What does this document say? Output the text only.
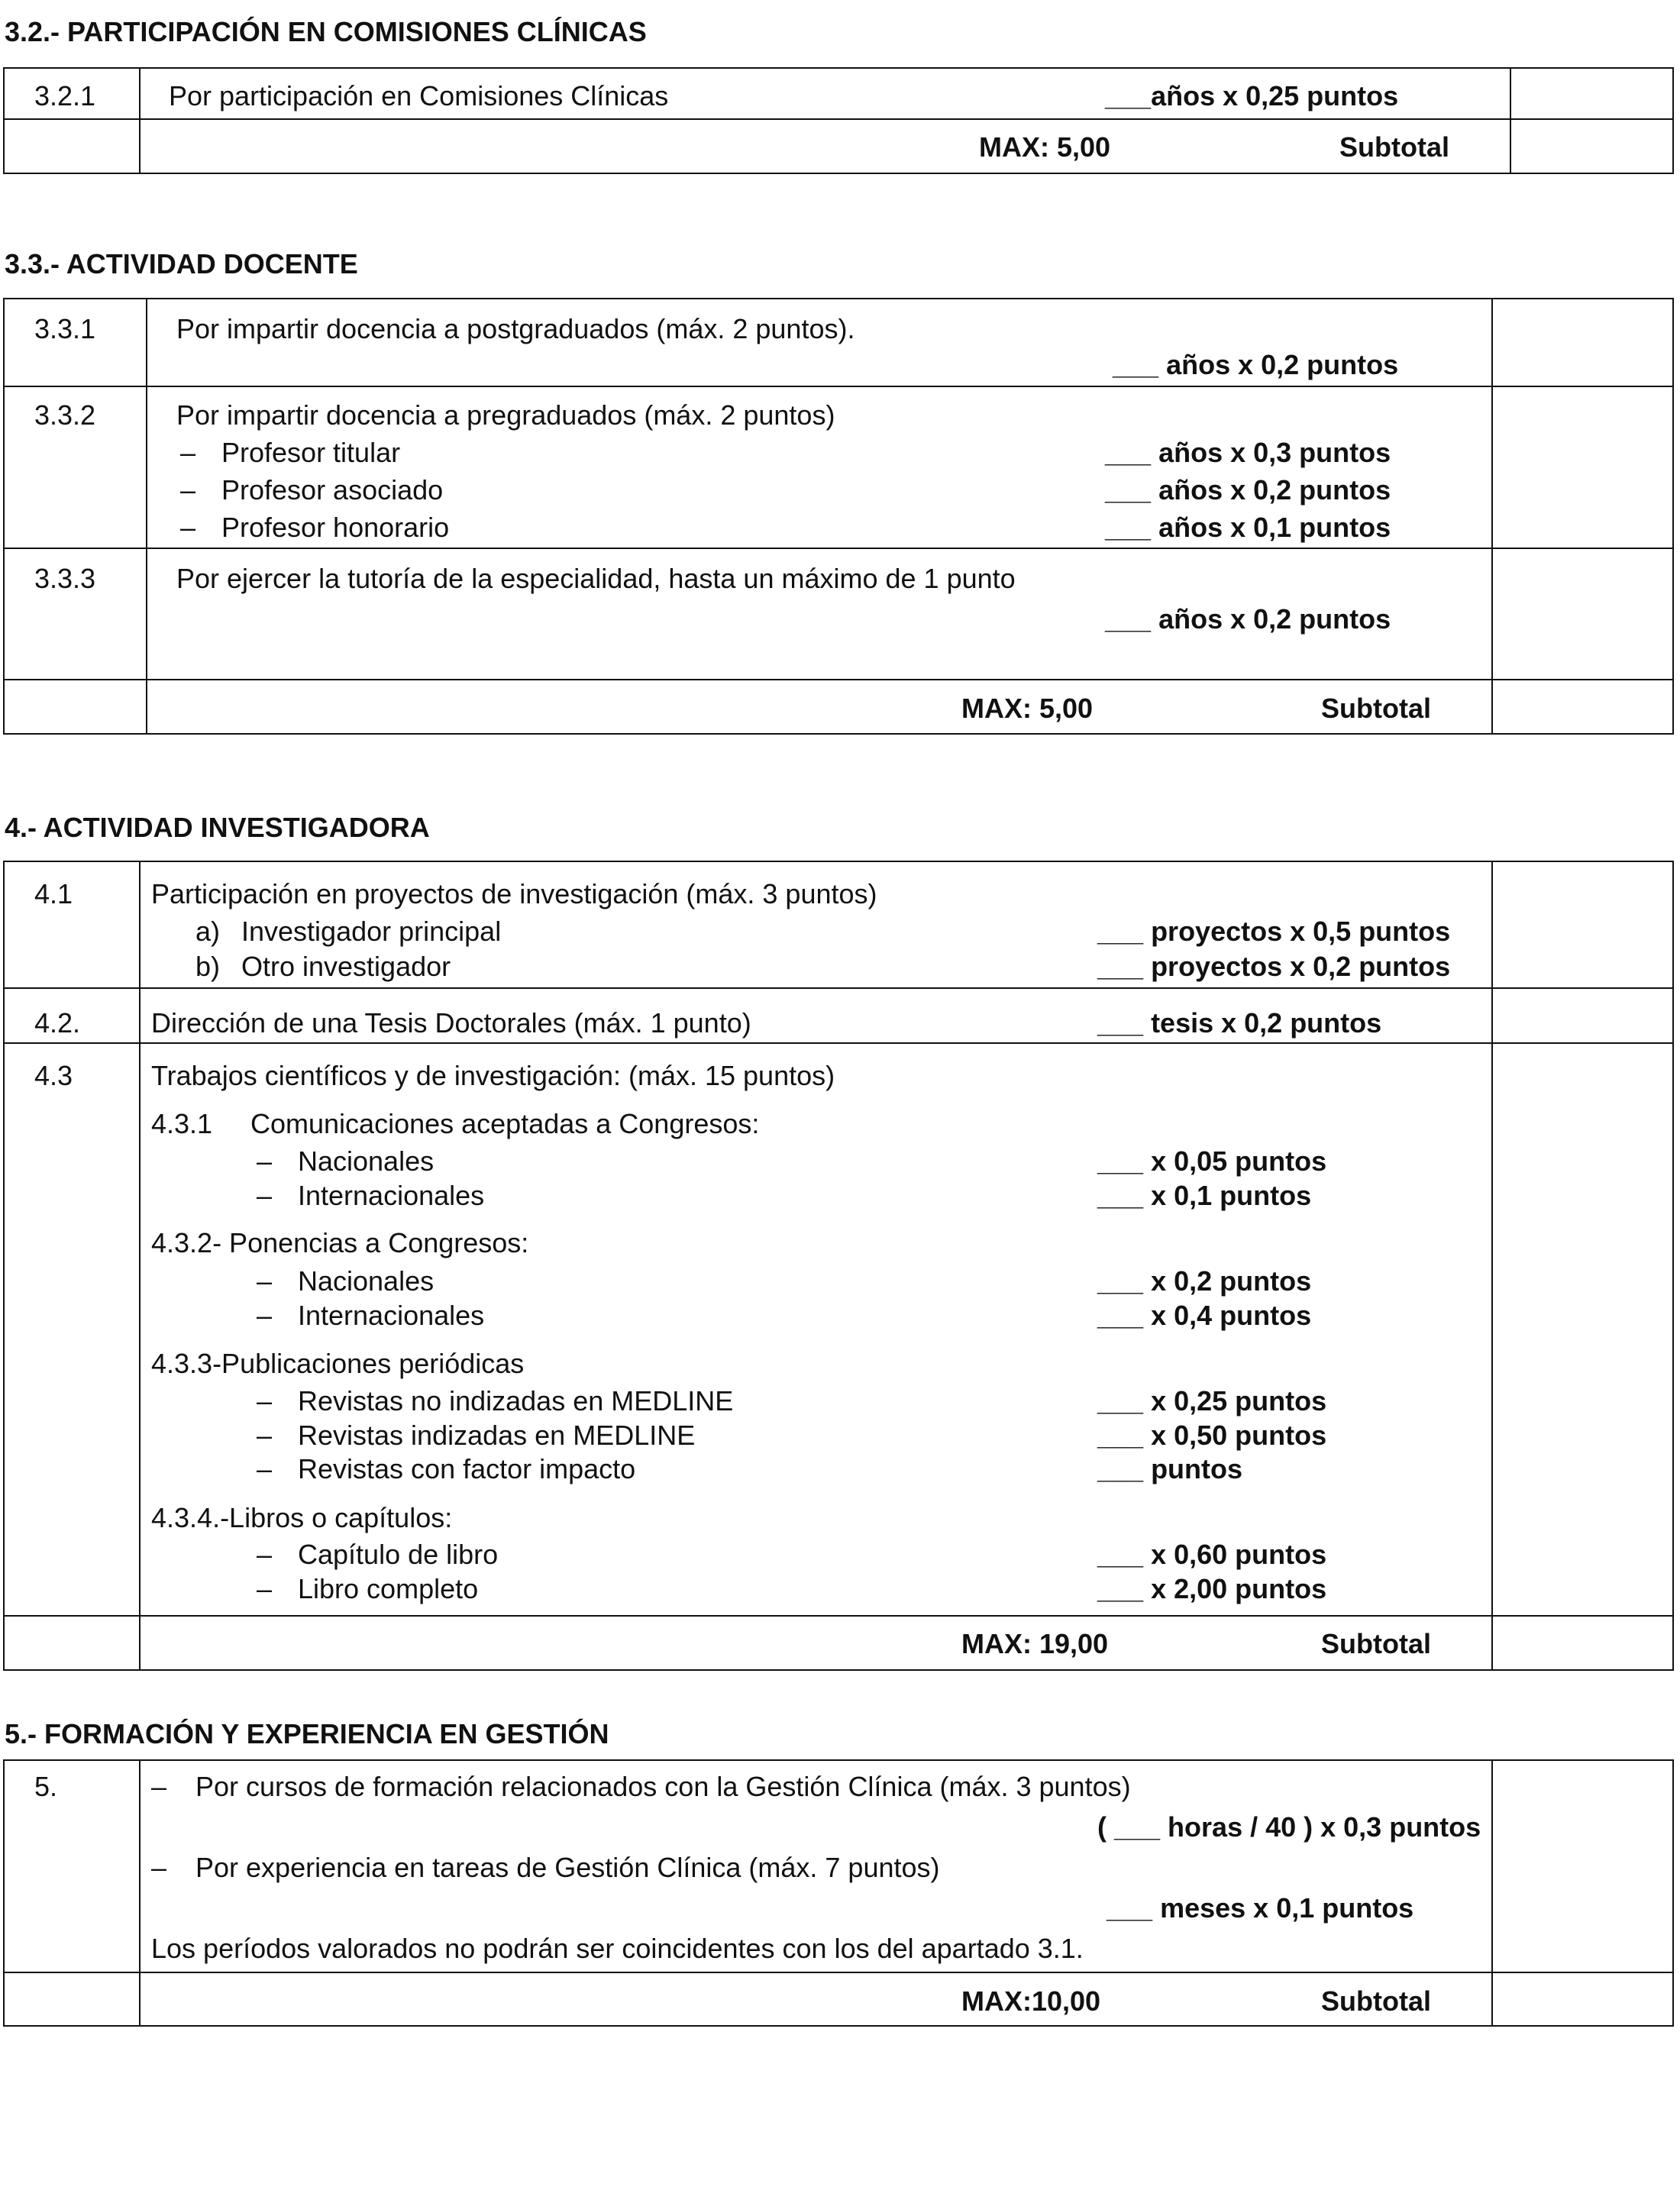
3.2.- PARTICIPACIÓN EN COMISIONES CLÍNICAS
3.2.1	Por participación en Comisiones Clínicas	___años x 0,25 puntos
MAX: 5,00	Subtotal
3.3.- ACTIVIDAD DOCENTE
3.3.1	Por impartir docencia a postgraduados (máx. 2 puntos).
___ años x 0,2 puntos
3.3.2	Por impartir docencia a pregraduados (máx. 2 puntos)
– Profesor titular	___ años x 0,3 puntos
– Profesor asociado	___ años x 0,2 puntos
– Profesor honorario	___ años x 0,1 puntos
3.3.3	Por ejercer la tutoría de la especialidad, hasta un máximo de 1 punto
___ años x 0,2 puntos
MAX: 5,00	Subtotal
4.- ACTIVIDAD INVESTIGADORA
4.1	Participación en proyectos de investigación (máx. 3 puntos)
a) Investigador principal	___ proyectos x 0,5 puntos
b) Otro investigador	___ proyectos x 0,2 puntos
4.2.	Dirección de una Tesis Doctorales (máx. 1 punto)	___ tesis x 0,2 puntos
4.3	Trabajos científicos y de investigación: (máx. 15 puntos)
4.3.1 Comunicaciones aceptadas a Congresos:
– Nacionales	___ x 0,05 puntos
– Internacionales	___ x 0,1 puntos
4.3.2- Ponencias a Congresos:
– Nacionales	___ x 0,2 puntos
– Internacionales	___ x 0,4 puntos
4.3.3-Publicaciones periódicas
– Revistas no indizadas en MEDLINE	___ x 0,25 puntos
– Revistas indizadas en MEDLINE	___ x 0,50 puntos
– Revistas con factor impacto	___ puntos
4.3.4.-Libros o capítulos:
– Capítulo de libro	___ x 0,60 puntos
– Libro completo	___ x 2,00 puntos
MAX: 19,00	Subtotal
5.- FORMACIÓN Y EXPERIENCIA EN GESTIÓN
5.	– Por cursos de formación relacionados con la Gestión Clínica (máx. 3 puntos)
( ___ horas / 40 ) x 0,3 puntos
– Por experiencia en tareas de Gestión Clínica (máx. 7 puntos)
___ meses x 0,1 puntos
Los períodos valorados no podrán ser coincidentes con los del apartado 3.1.
MAX:10,00	Subtotal
